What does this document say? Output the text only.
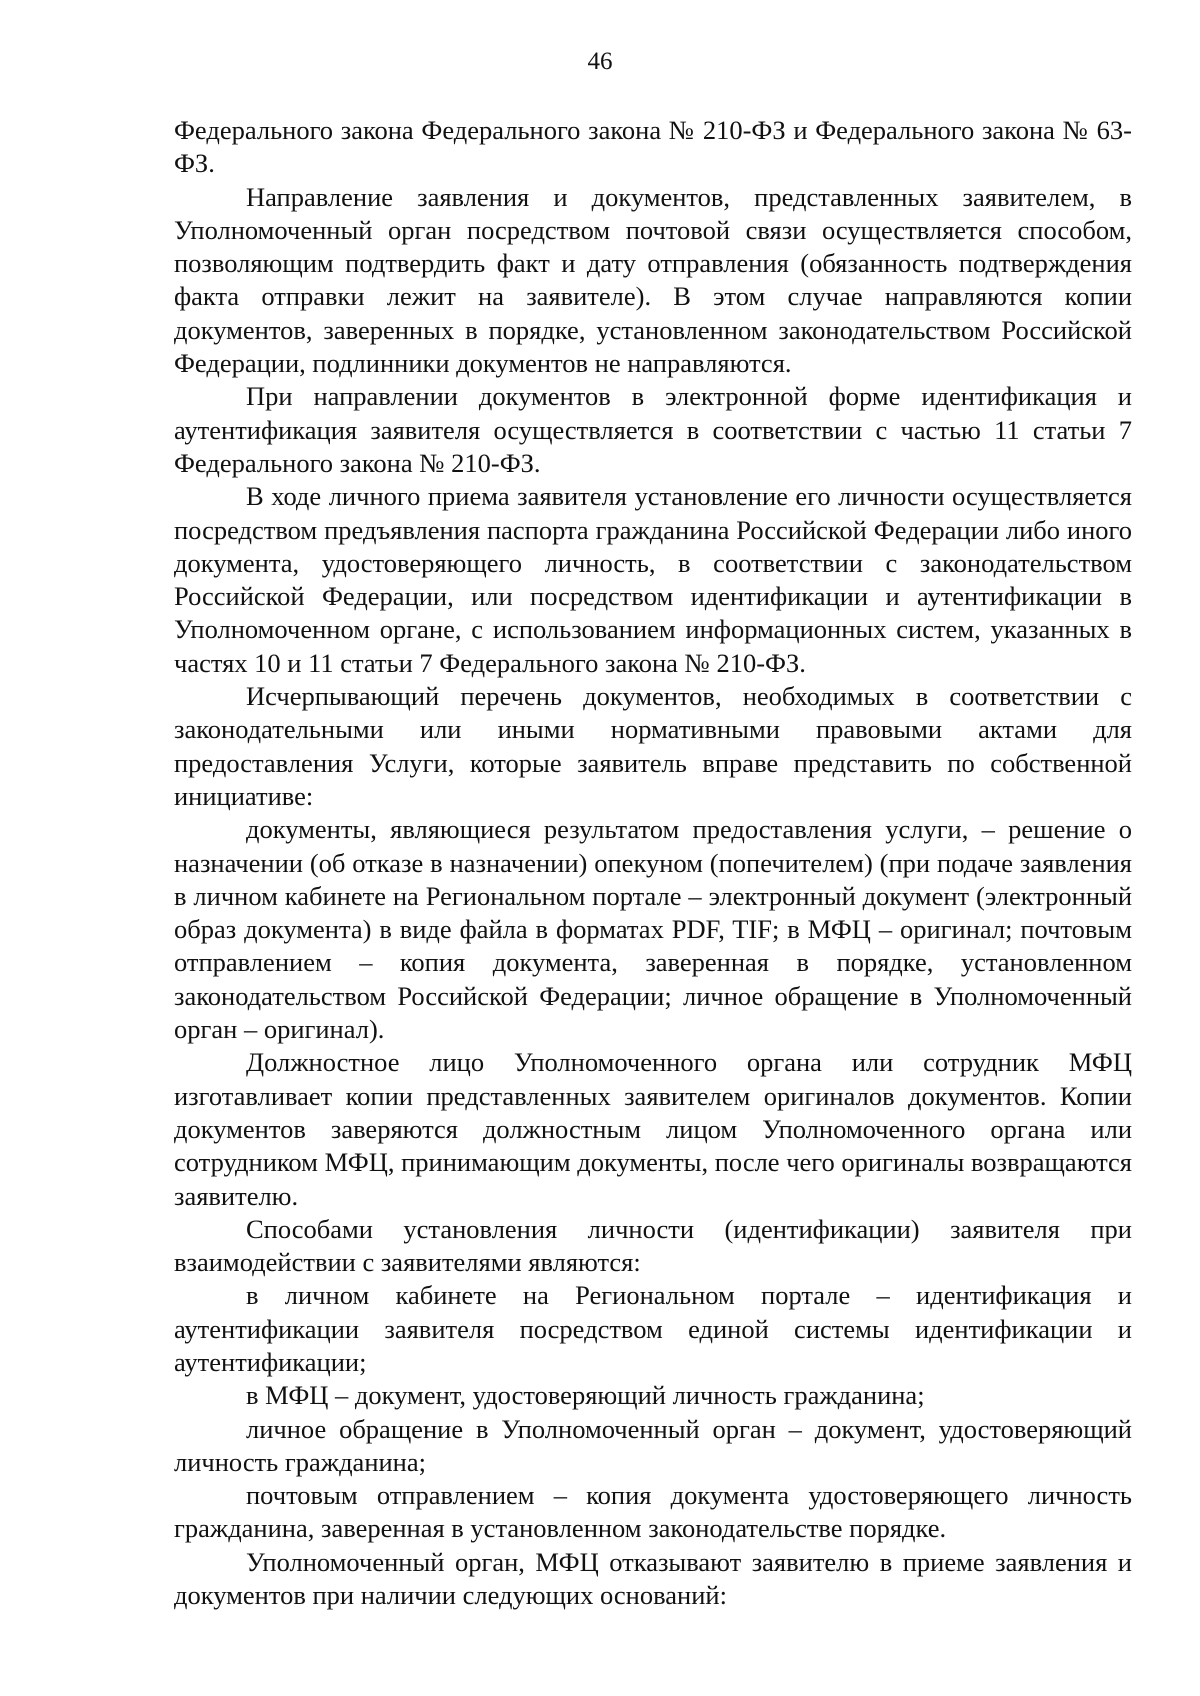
46

Федерального закона Федерального закона № 210-ФЗ и Федерального закона № 63-ФЗ.

Направление заявления и документов, представленных заявителем, в Уполномоченный орган посредством почтовой связи осуществляется способом, позволяющим подтвердить факт и дату отправления (обязанность подтверждения факта отправки лежит на заявителе). В этом случае направляются копии документов, заверенных в порядке, установленном законодательством Российской Федерации, подлинники документов не направляются.

При направлении документов в электронной форме идентификация и аутентификация заявителя осуществляется в соответствии с частью 11 статьи 7 Федерального закона № 210-ФЗ.

В ходе личного приема заявителя установление его личности осуществляется посредством предъявления паспорта гражданина Российской Федерации либо иного документа, удостоверяющего личность, в соответствии с законодательством Российской Федерации, или посредством идентификации и аутентификации в Уполномоченном органе, с использованием информационных систем, указанных в частях 10 и 11 статьи 7 Федерального закона № 210-ФЗ.

Исчерпывающий перечень документов, необходимых в соответствии с законодательными или иными нормативными правовыми актами для предоставления Услуги, которые заявитель вправе представить по собственной инициативе:

документы, являющиеся результатом предоставления услуги, – решение о назначении (об отказе в назначении) опекуном (попечителем) (при подаче заявления в личном кабинете на Региональном портале – электронный документ (электронный образ документа) в виде файла в форматах PDF, TIF; в МФЦ – оригинал; почтовым отправлением – копия документа, заверенная в порядке, установленном законодательством Российской Федерации; личное обращение в Уполномоченный орган – оригинал).

Должностное лицо Уполномоченного органа или сотрудник МФЦ изготавливает копии представленных заявителем оригиналов документов. Копии документов заверяются должностным лицом Уполномоченного органа или сотрудником МФЦ, принимающим документы, после чего оригиналы возвращаются заявителю.

Способами установления личности (идентификации) заявителя при взаимодействии с заявителями являются:

в личном кабинете на Региональном портале – идентификация и аутентификации заявителя посредством единой системы идентификации и аутентификации;

в МФЦ – документ, удостоверяющий личность гражданина;

личное обращение в Уполномоченный орган – документ, удостоверяющий личность гражданина;

почтовым отправлением – копия документа удостоверяющего личность гражданина, заверенная в установленном законодательстве порядке.

Уполномоченный орган, МФЦ отказывают заявителю в приеме заявления и документов при наличии следующих оснований:
